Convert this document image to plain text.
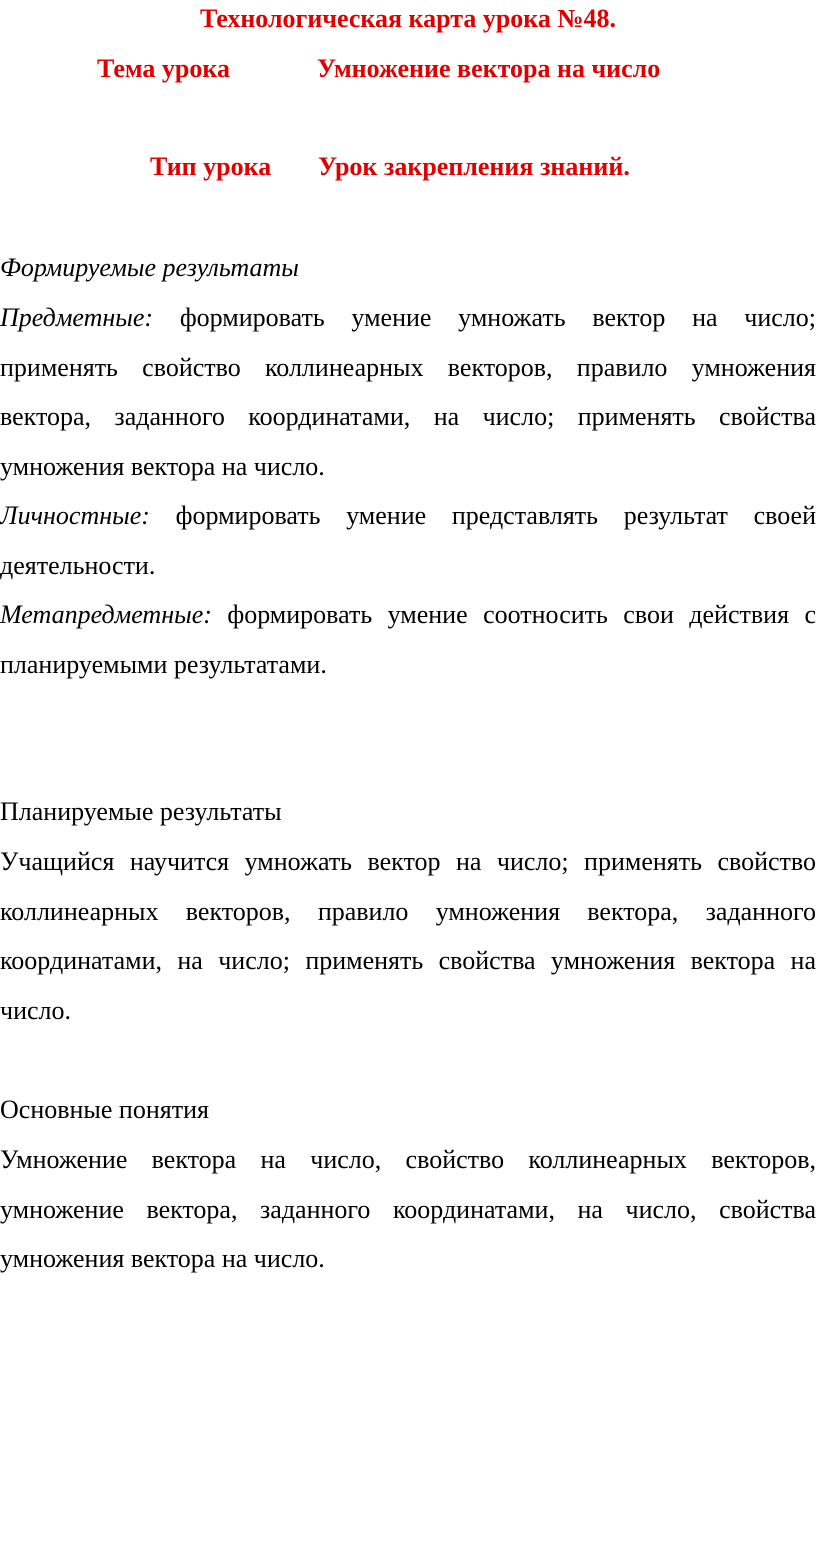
Технологическая карта урока №48.
Тема урока	Умножение вектора на число
Тип урока Урок закрепления знаний.

Формируемые результаты

Предметные: формировать умение умножать вектор на число; применять свойство коллинеарных векторов, правило умножения вектора, заданного координатами, на число; применять свойства умножения вектора на число.

Личностные: формировать умение представлять результат своей деятельности.

Метапредметные: формировать умение соотносить свои действия с планируемыми результатами.

Планируемые результаты

Учащийся научится умножать вектор на число; применять свойство коллинеарных векторов, правило умножения вектора, заданного координатами, на число; применять свойства умножения вектора на число.

Основные понятия

Умножение вектора на число, свойство коллинеарных векторов, умножение вектора, заданного координатами, на число, свойства умножения вектора на число.
